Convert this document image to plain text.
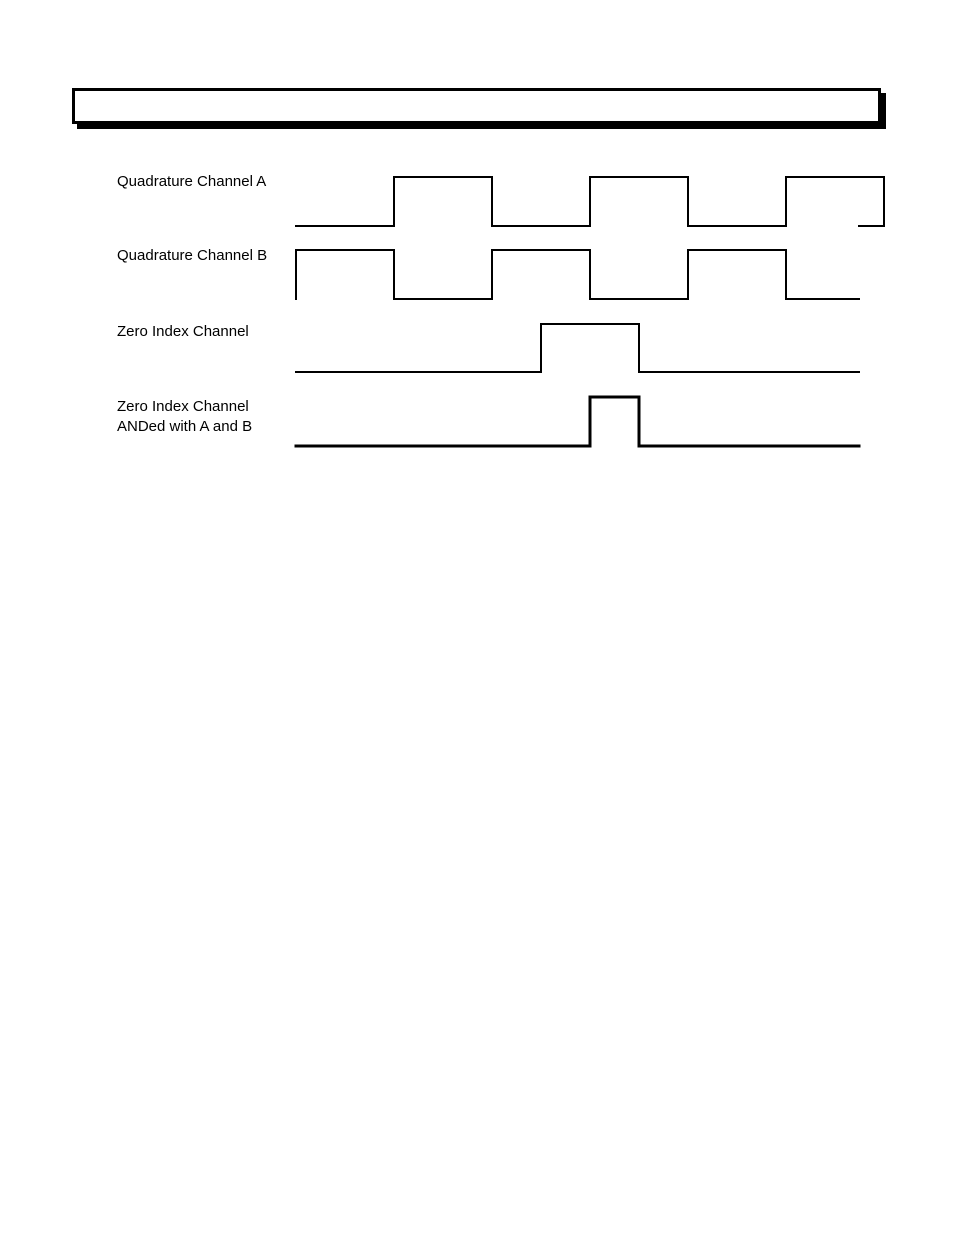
Quadrature Channel A
Quadrature Channel B
Zero Index Channel
Zero Index Channel
ANDed with A and B
